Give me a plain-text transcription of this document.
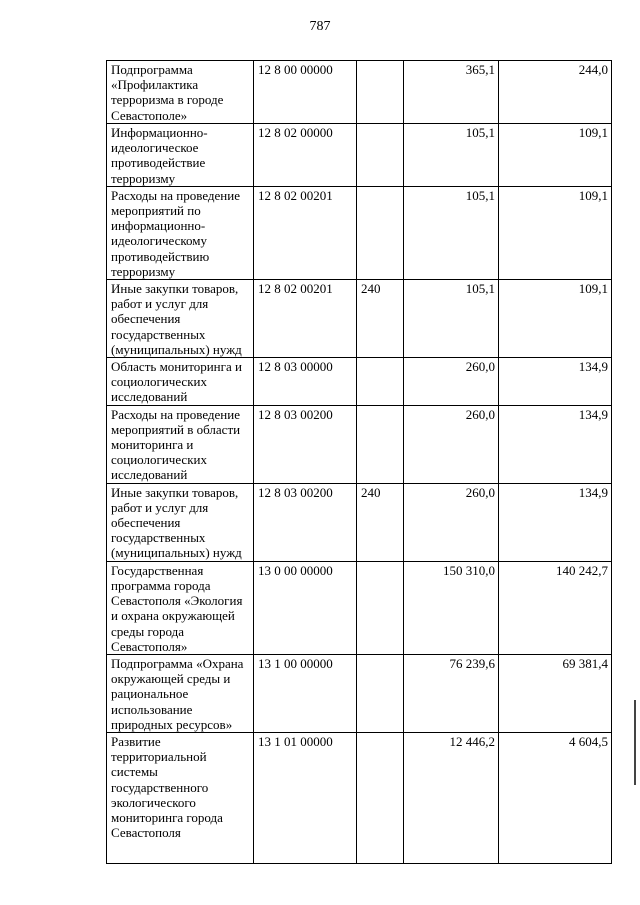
787
Подпрограмма «Профилактика терроризма в городе Севастополе»	12 8 00 00000		365,1	244,0
Информационно-идеологическое противодействие терроризму	12 8 02 00000		105,1	109,1
Расходы на проведение мероприятий по информационно-идеологическому противодействию терроризму	12 8 02 00201		105,1	109,1
Иные закупки товаров, работ и услуг для обеспечения государственных (муниципальных) нужд	12 8 02 00201	240	105,1	109,1
Область мониторинга и социологических исследований	12 8 03 00000		260,0	134,9
Расходы на проведение мероприятий в области мониторинга и социологических исследований	12 8 03 00200		260,0	134,9
Иные закупки товаров, работ и услуг для обеспечения государственных (муниципальных) нужд	12 8 03 00200	240	260,0	134,9
Государственная программа города Севастополя «Экология и охрана окружающей среды города Севастополя»	13 0 00 00000		150 310,0	140 242,7
Подпрограмма «Охрана окружающей среды и рациональное использование природных ресурсов»	13 1 00 00000		76 239,6	69 381,4
Развитие территориальной системы государственного экологического мониторинга города Севастополя	13 1 01 00000		12 446,2	4 604,5
